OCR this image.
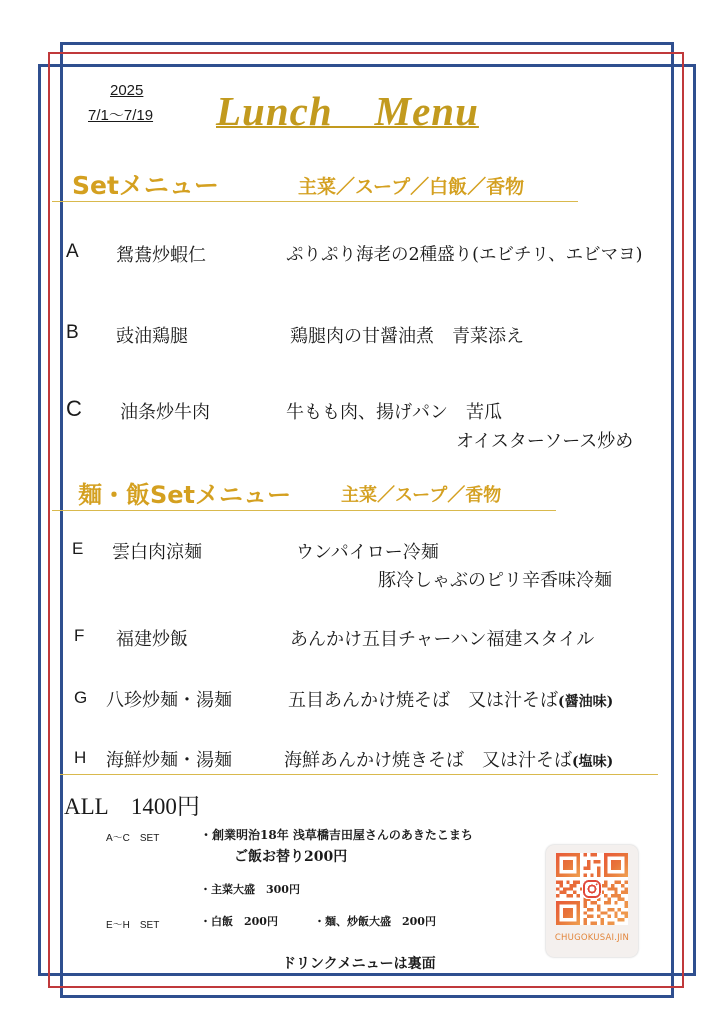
2025
7/1～7/19 Lunch　Menu
Setメニュー	主菜／スープ／白飯／香物
A 鴛鴦炒蝦仁	ぷりぷり海老の2種盛り(エビチリ、エビマヨ)
B 豉油鶏腿	鶏腿肉の甘醤油煮　青菜添え
C 油条炒牛肉	牛もも肉、揚げパン　苦瓜
オイスターソース炒め
麺・飯Setメニュー	主菜／スープ／香物
E 雲白肉涼麺	ウンパイロー冷麺
豚冷しゃぶのピリ辛香味冷麺
F 福建炒飯	あんかけ五目チャーハン福建スタイル
G 八珍炒麺・湯麺	五目あんかけ焼そば　又は汁そば(醤油味)
H 海鮮炒麺・湯麺	海鮮あんかけ焼きそば　又は汁そば(塩味)
ALL　1400円
A～C　SET	・創業明治18年 浅草橋吉田屋さんのあきたこまち
ご飯お替り200円
・主菜大盛　300円
E～H　SET	・白飯　200円	・麺、炒飯大盛　200円
ドリンクメニューは裏面
CHUGOKUSAI.JIN
